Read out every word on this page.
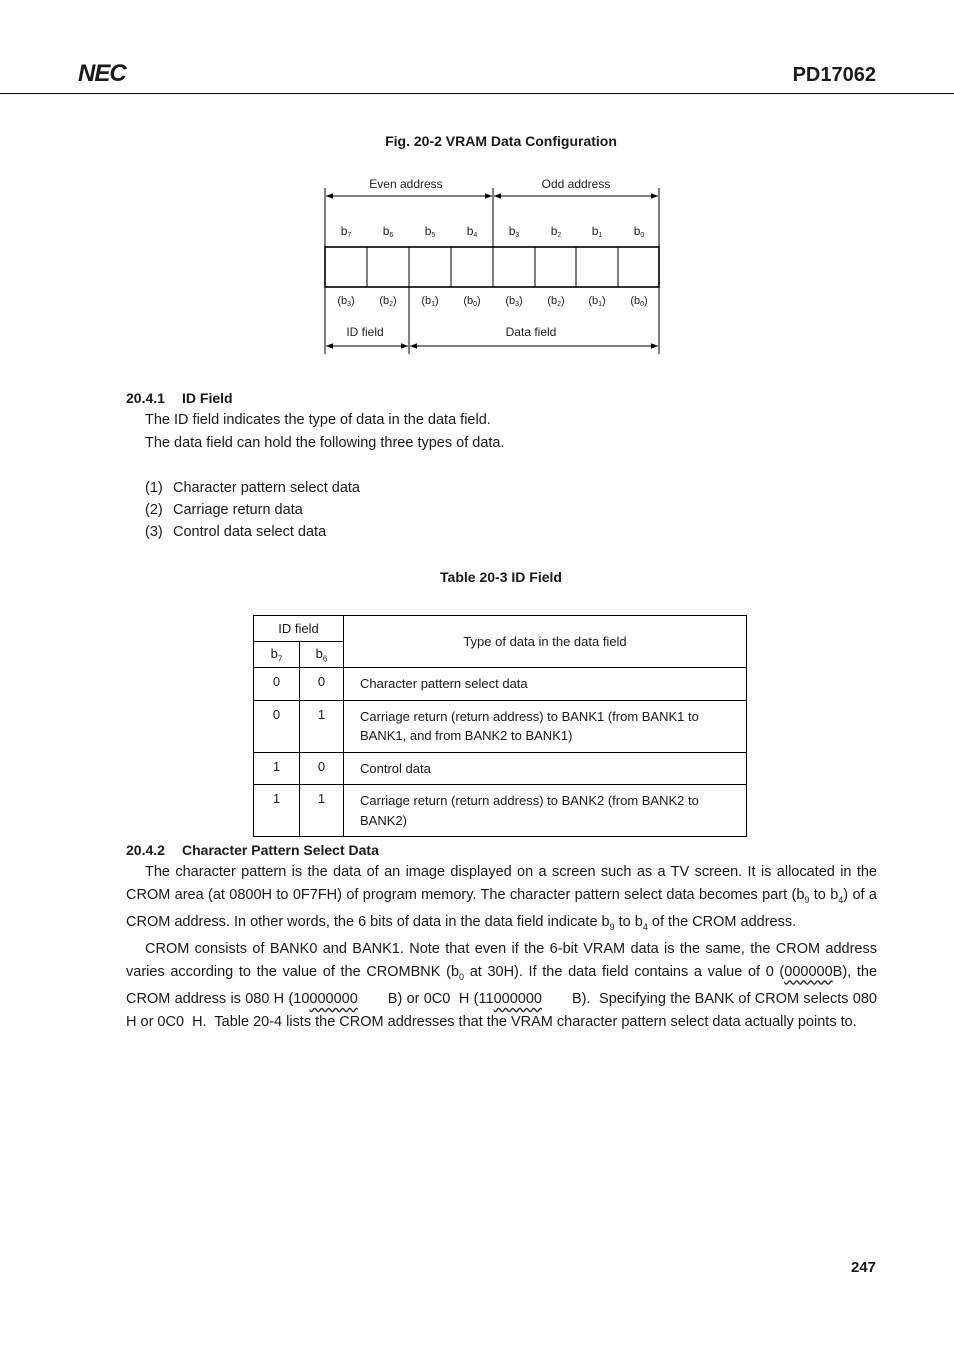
NEC	PD17062
Fig. 20-2 VRAM Data Configuration
Even address	Odd address
b7	b6	b5	b4	b3	b2	b1	b0
(b3) (b2) (b1) (b0) (b3) (b2) (b1) (b0)
ID field	Data field
20.4.1 ID Field
The ID field indicates the type of data in the data field.
The data field can hold the following three types of data.
(1) Character pattern select data
(2) Carriage return data
(3) Control data select data
Table 20-3 ID Field
ID field		Type of data in the data field
$b_7$	$b_6$
0	0	Character pattern select data
0	1	Carriage return (return address) to BANK1 (from BANK1 to BANK1, and from BANK2 to BANK1)
1	0	Control data
1	1	Carriage return (return address) to BANK2 (from BANK2 to BANK2)
20.4.2 Character Pattern Select Data

The character pattern is the data of an image displayed on a screen such as a TV screen. It is allocated in the CROM area (at 0800H to 0F7FH) of program memory. The character pattern select data becomes part ($b_9$ to $b_4$) of a CROM address. In other words, the 6 bits of data in the data field indicate $b_9$ to $b_4$ of the CROM address.

CROM consists of BANK0 and BANK1. Note that even if the 6-bit VRAM data is the same, the CROM address varies according to the value of the CROMBNK ($b_0$ at 30H). If the data field contains a value of 0 (000000B), the CROM address is 080 H (10000000       B) or 0C0  H (11000000       B).  Specifying the BANK of CROM selects 080  H or 0C0  H.  Table 20-4 lists the CROM addresses that the VRAM character pattern select data actually points to.

247
